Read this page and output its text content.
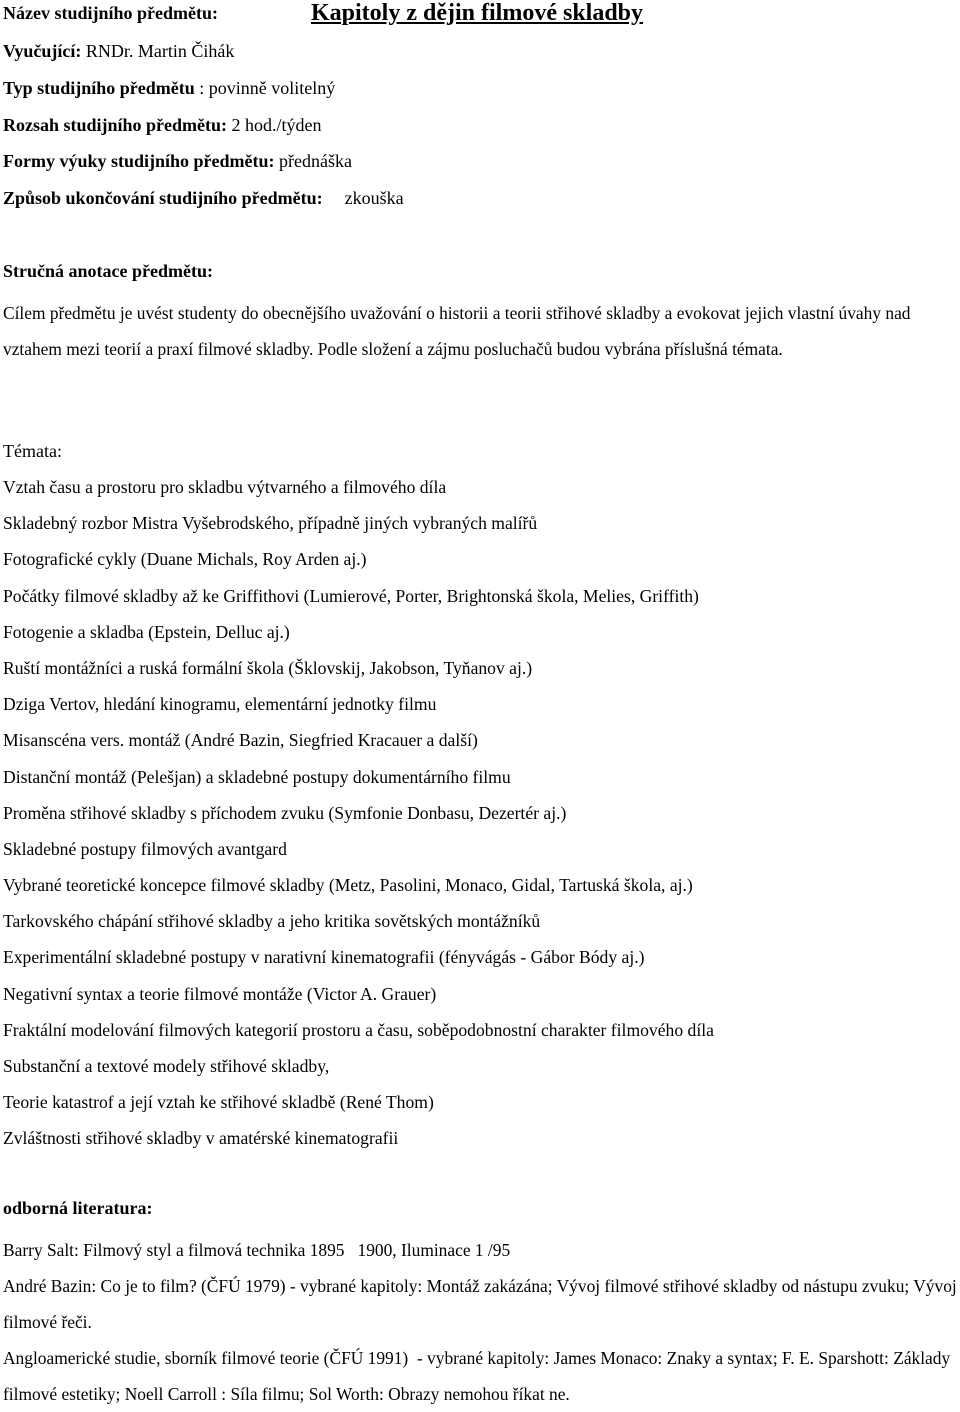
Název studijního předmětu:	Kapitoly z dějin filmové skladby
Vyučující: RNDr. Martin Čihák
Typ studijního předmětu : povinně volitelný
Rozsah studijního předmětu: 2 hod./týden
Formy výuky studijního předmětu: přednáška
Způsob ukončování studijního předmětu: zkouška
Stručná anotace předmětu:
Cílem předmětu je uvést studenty do obecnějšího uvažování o historii a teorii střihové skladby a evokovat jejich vlastní úvahy nad vztahem mezi teorií a praxí filmové skladby. Podle složení a zájmu posluchačů budou vybrána příslušná témata.
Témata:
Vztah času a prostoru pro skladbu výtvarného a filmového díla
Skladebný rozbor Mistra Vyšebrodského, případně jiných vybraných malířů
Fotografické cykly (Duane Michals, Roy Arden aj.)
Počátky filmové skladby až ke Griffithovi (Lumierové, Porter, Brightonská škola, Melies, Griffith)
Fotogenie a skladba (Epstein, Delluc aj.)
Ruští montážníci a ruská formální škola (Šklovskij, Jakobson, Tyňanov aj.)
Dziga Vertov, hledání kinogramu, elementární jednotky filmu
Misanscéna vers. montáž (André Bazin, Siegfried Kracauer a další)
Distanční montáž (Pelešjan) a skladebné postupy dokumentárního filmu
Proměna střihové skladby s příchodem zvuku (Symfonie Donbasu, Dezertér aj.)
Skladebné postupy filmových avantgard
Vybrané teoretické koncepce filmové skladby (Metz, Pasolini, Monaco, Gidal, Tartuská škola, aj.)
Tarkovského chápání střihové skladby a jeho kritika sovětských montážníků
Experimentální skladebné postupy v narativní kinematografii (fényvágás - Gábor Bódy aj.)
Negativní syntax a teorie filmové montáže (Victor A. Grauer)
Fraktální modelování filmových kategorií prostoru a času, soběpodobnostní charakter filmového díla
Substanční a textové modely střihové skladby,
Teorie katastrof a její vztah ke střihové skladbě (René Thom)
Zvláštnosti střihové skladby v amatérské kinematografii
odborná literatura:
Barry Salt: Filmový styl a filmová technika 1895   1900, Iluminace 1 /95
André Bazin: Co je to film? (ČFÚ 1979) - vybrané kapitoly: Montáž zakázána; Vývoj filmové střihové skladby od nástupu zvuku; Vývoj filmové řeči.
Angloamerické studie, sborník filmové teorie (ČFÚ 1991)  - vybrané kapitoly: James Monaco: Znaky a syntax; F. E. Sparshott: Základy filmové estetiky; Noell Carroll : Síla filmu; Sol Worth: Obrazy nemohou říkat ne.
